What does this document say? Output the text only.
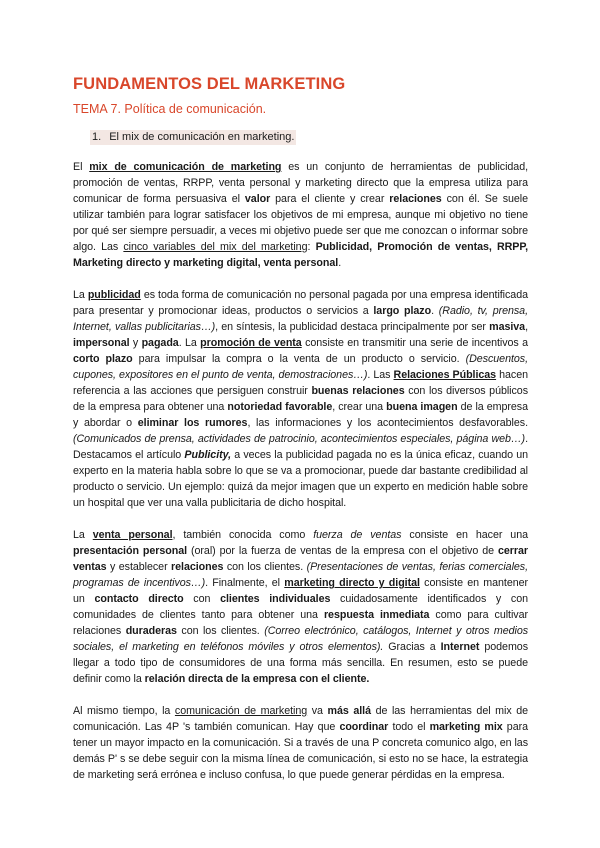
FUNDAMENTOS DEL MARKETING
TEMA 7. Política de comunicación.
1. El mix de comunicación en marketing.

El mix de comunicación de marketing es un conjunto de herramientas de publicidad, promoción de ventas, RRPP, venta personal y marketing directo que la empresa utiliza para comunicar de forma persuasiva el valor para el cliente y crear relaciones con él. Se suele utilizar también para lograr satisfacer los objetivos de mi empresa, aunque mi objetivo no tiene por qué ser siempre persuadir, a veces mi objetivo puede ser que me conozcan o informar sobre algo. Las cinco variables del mix del marketing: Publicidad, Promoción de ventas, RRPP, Marketing directo y marketing digital, venta personal.

La publicidad es toda forma de comunicación no personal pagada por una empresa identificada para presentar y promocionar ideas, productos o servicios a largo plazo. (Radio, tv, prensa, Internet, vallas publicitarias…), en síntesis, la publicidad destaca principalmente por ser masiva, impersonal y pagada. La promoción de venta consiste en transmitir una serie de incentivos a corto plazo para impulsar la compra o la venta de un producto o servicio. (Descuentos, cupones, expositores en el punto de venta, demostraciones…). Las Relaciones Públicas hacen referencia a las acciones que persiguen construir buenas relaciones con los diversos públicos de la empresa para obtener una notoriedad favorable, crear una buena imagen de la empresa y abordar o eliminar los rumores, las informaciones y los acontecimientos desfavorables. (Comunicados de prensa, actividades de patrocinio, acontecimientos especiales, página web…). Destacamos el artículo Publicity, a veces la publicidad pagada no es la única eficaz, cuando un experto en la materia habla sobre lo que se va a promocionar, puede dar bastante credibilidad al producto o servicio. Un ejemplo: quizá da mejor imagen que un experto en medición hable sobre un hospital que ver una valla publicitaria de dicho hospital.

La venta personal, también conocida como fuerza de ventas consiste en hacer una presentación personal (oral) por la fuerza de ventas de la empresa con el objetivo de cerrar ventas y establecer relaciones con los clientes. (Presentaciones de ventas, ferias comerciales, programas de incentivos…). Finalmente, el marketing directo y digital consiste en mantener un contacto directo con clientes individuales cuidadosamente identificados y con comunidades de clientes tanto para obtener una respuesta inmediata como para cultivar relaciones duraderas con los clientes. (Correo electrónico, catálogos, Internet y otros medios sociales, el marketing en teléfonos móviles y otros elementos). Gracias a Internet podemos llegar a todo tipo de consumidores de una forma más sencilla. En resumen, esto se puede definir como la relación directa de la empresa con el cliente.

Al mismo tiempo, la comunicación de marketing va más allá de las herramientas del mix de comunicación. Las 4P 's también comunican. Hay que coordinar todo el marketing mix para tener un mayor impacto en la comunicación. Si a través de una P concreta comunico algo, en las demás P' s se debe seguir con la misma línea de comunicación, si esto no se hace, la estrategia de marketing será errónea e incluso confusa, lo que puede generar pérdidas en la empresa.
